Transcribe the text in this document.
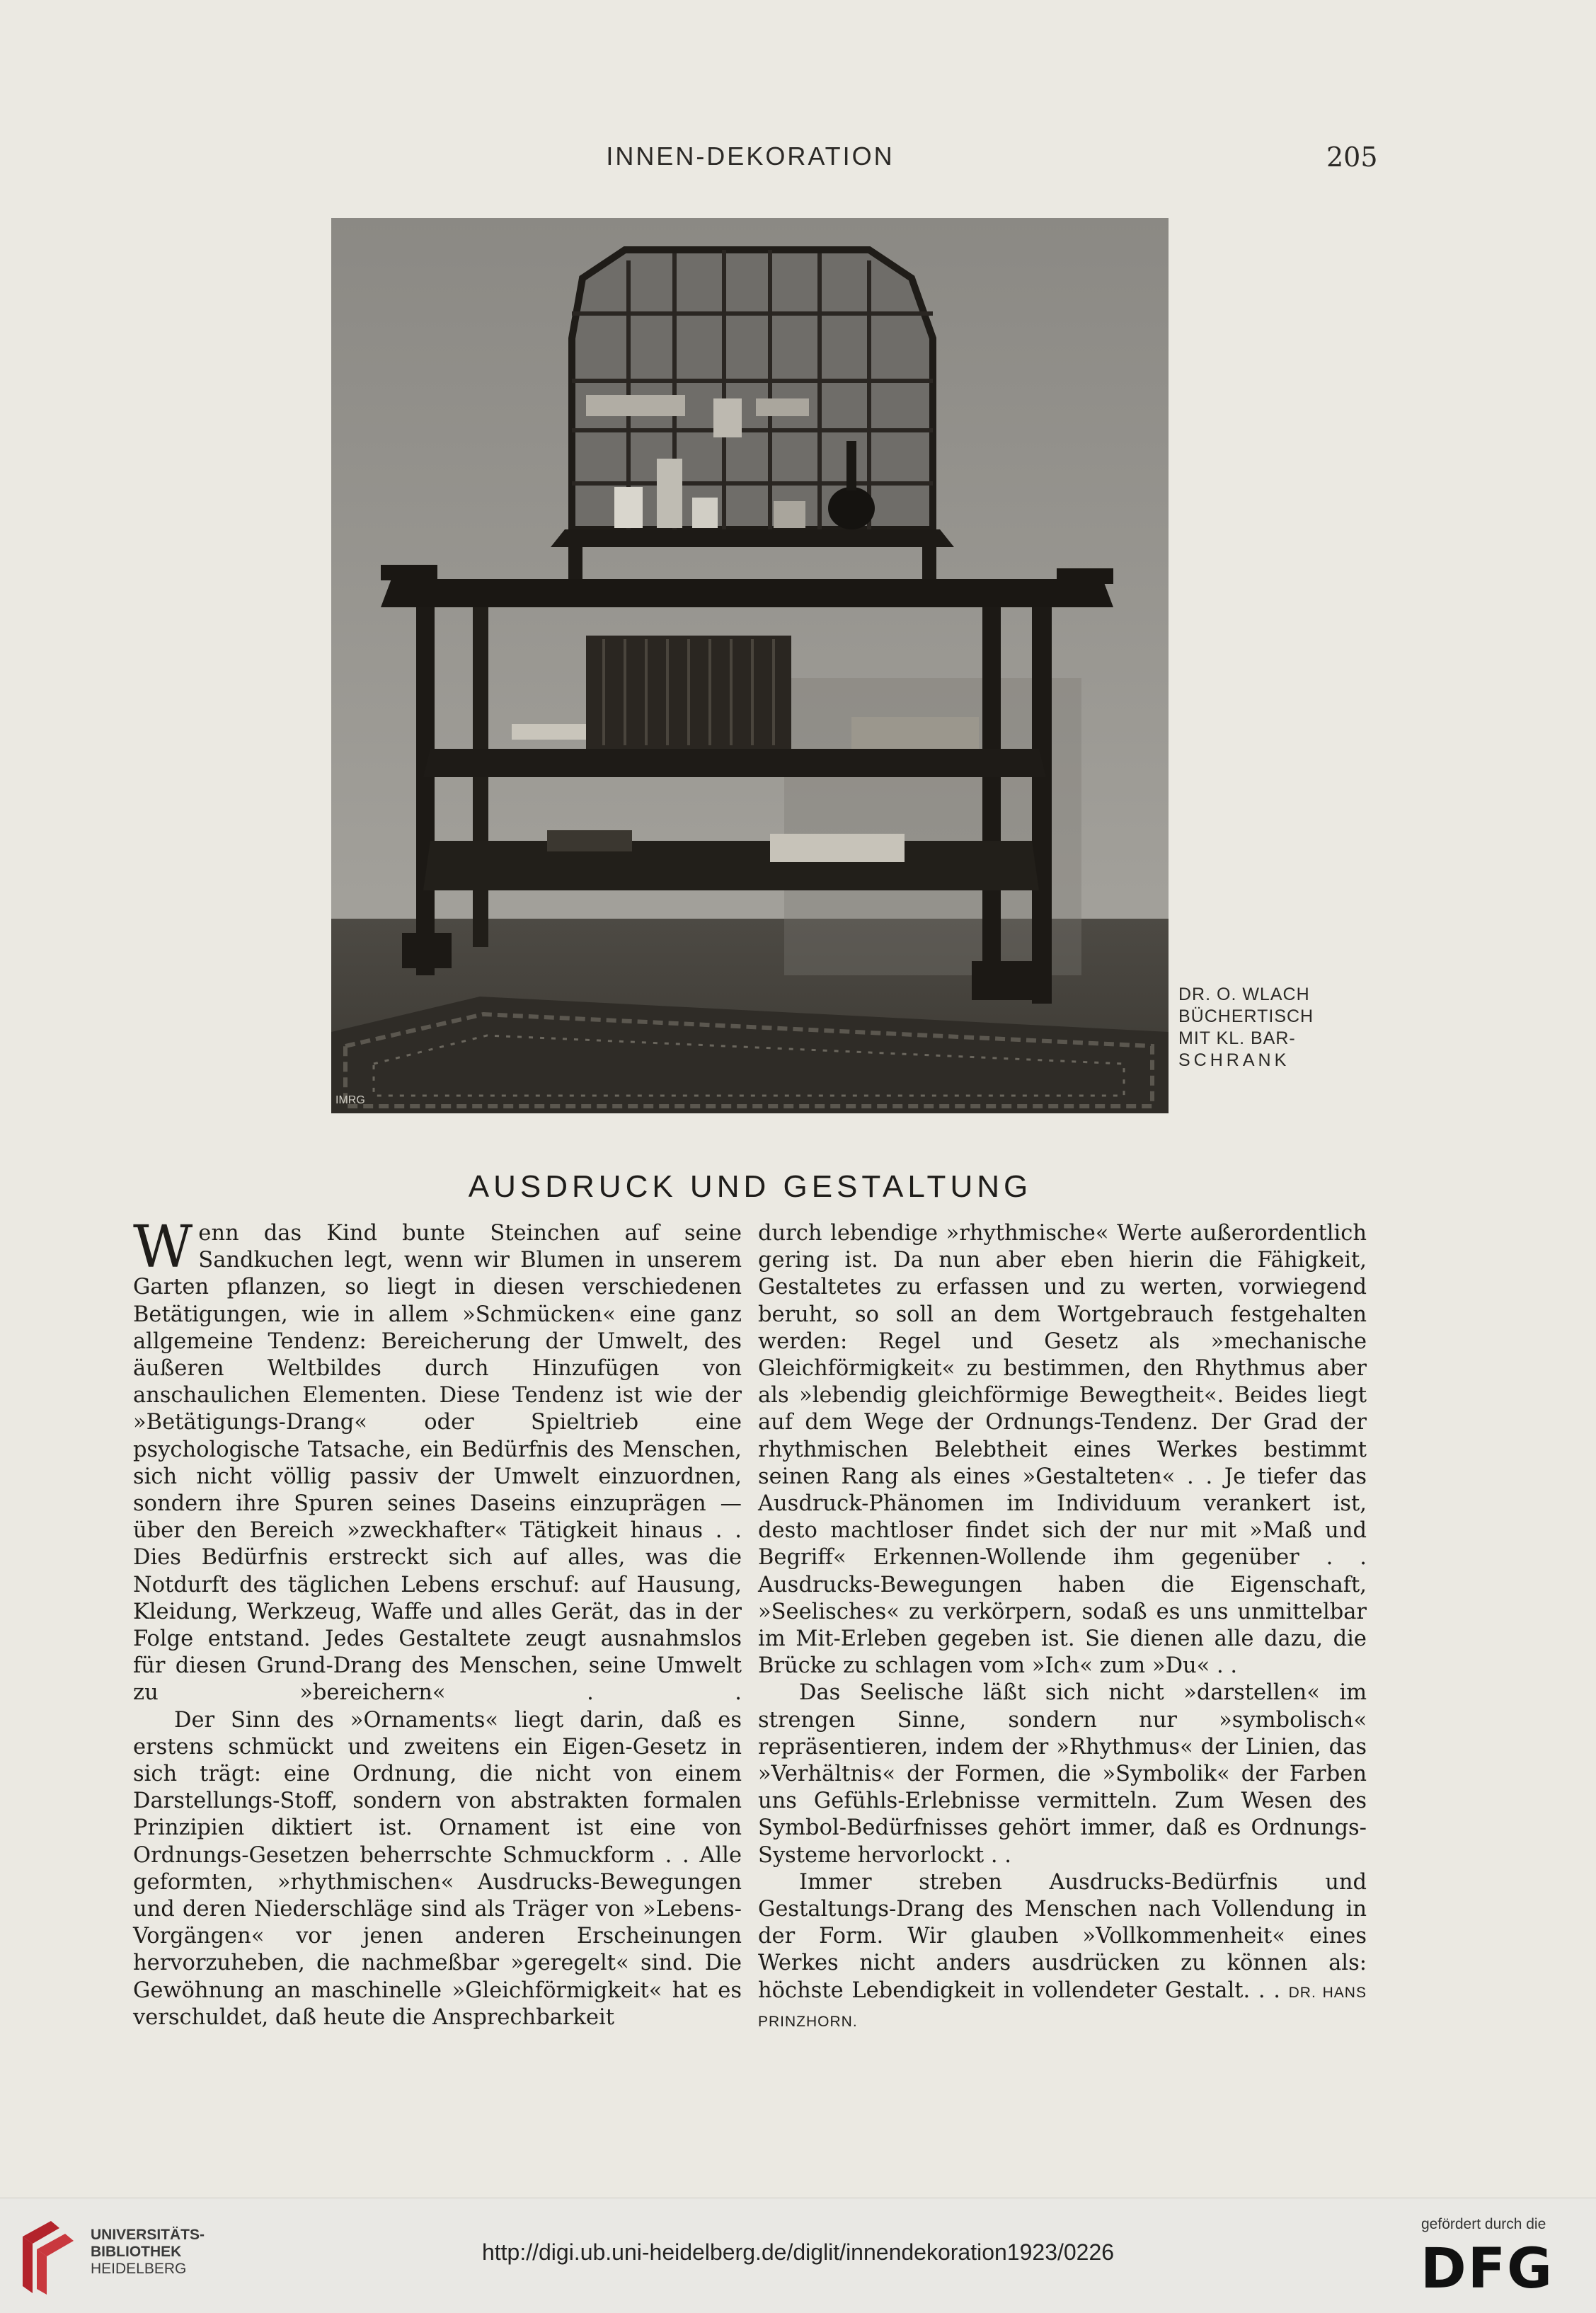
INNEN-DEKORATION	205
IMRG
DR. O. WLACH
BÜCHERTISCH
MIT KL. BAR-
SCHRANK
AUSDRUCK UND GESTALTUNG

Wenn das Kind bunte Steinchen auf seine Sandkuchen legt, wenn wir Blumen in unserem Garten pflanzen, so liegt in diesen verschiedenen Betätigungen, wie in allem »Schmücken« eine ganz allgemeine Tendenz: Bereicherung der Umwelt, des äußeren Weltbildes durch Hinzufügen von anschaulichen Elementen. Diese Tendenz ist wie der »Betätigungs-Drang« oder Spieltrieb eine psychologische Tatsache, ein Bedürfnis des Menschen, sich nicht völlig passiv der Umwelt einzuordnen, sondern ihre Spuren seines Daseins einzuprägen — über den Bereich »zweckhafter« Tätigkeit hinaus . . Dies Bedürfnis erstreckt sich auf alles, was die Notdurft des täglichen Lebens erschuf: auf Hausung, Kleidung, Werkzeug, Waffe und alles Gerät, das in der Folge entstand. Jedes Gestaltete zeugt ausnahmslos für diesen Grund-Drang des Menschen, seine Umwelt zu »bereichern« . .

Der Sinn des »Ornaments« liegt darin, daß es erstens schmückt und zweitens ein Eigen-Gesetz in sich trägt: eine Ordnung, die nicht von einem Darstellungs-Stoff, sondern von abstrakten formalen Prinzipien diktiert ist. Ornament ist eine von Ordnungs-Gesetzen beherrschte Schmuckform . . Alle geformten, »rhythmischen« Ausdrucks-Bewegungen und deren Niederschläge sind als Träger von »Lebens-Vorgängen« vor jenen anderen Erscheinungen hervorzuheben, die nachmeßbar »geregelt« sind. Die Gewöhnung an maschinelle »Gleichförmigkeit« hat es verschuldet, daß heute die Ansprechbarkeit

durch lebendige »rhythmische« Werte außerordentlich gering ist. Da nun aber eben hierin die Fähigkeit, Gestaltetes zu erfassen und zu werten, vorwiegend beruht, so soll an dem Wortgebrauch festgehalten werden: Regel und Gesetz als »mechanische Gleichförmigkeit« zu bestimmen, den Rhythmus aber als »lebendig gleichförmige Bewegtheit«. Beides liegt auf dem Wege der Ordnungs-Tendenz. Der Grad der rhythmischen Belebtheit eines Werkes bestimmt seinen Rang als eines »Gestalteten« . . Je tiefer das Ausdruck-Phänomen im Individuum verankert ist, desto machtloser findet sich der nur mit »Maß und Begriff« Erkennen-Wollende ihm gegenüber . . Ausdrucks-Bewegungen haben die Eigenschaft, »Seelisches« zu verkörpern, sodaß es uns unmittelbar im Mit-Erleben gegeben ist. Sie dienen alle dazu, die Brücke zu schlagen vom »Ich« zum »Du« . .

Das Seelische läßt sich nicht »darstellen« im strengen Sinne, sondern nur »symbolisch« repräsentieren, indem der »Rhythmus« der Linien, das »Verhältnis« der Formen, die »Symbolik« der Farben uns Gefühls-Erlebnisse vermitteln. Zum Wesen des Symbol-Bedürfnisses gehört immer, daß es Ordnungs-Systeme hervorlockt . .

Immer streben Ausdrucks-Bedürfnis und Gestaltungs-Drang des Menschen nach Vollendung in der Form. Wir glauben »Vollkommenheit« eines Werkes nicht anders ausdrücken zu können als: höchste Lebendigkeit in vollendeter Gestalt. . . DR. HANS PRINZHORN.

UNIVERSITÄTS-
BIBLIOTHEK
HEIDELBERG
http://digi.ub.uni-heidelberg.de/diglit/innendekoration1923/0226
gefördert durch die
DFG
